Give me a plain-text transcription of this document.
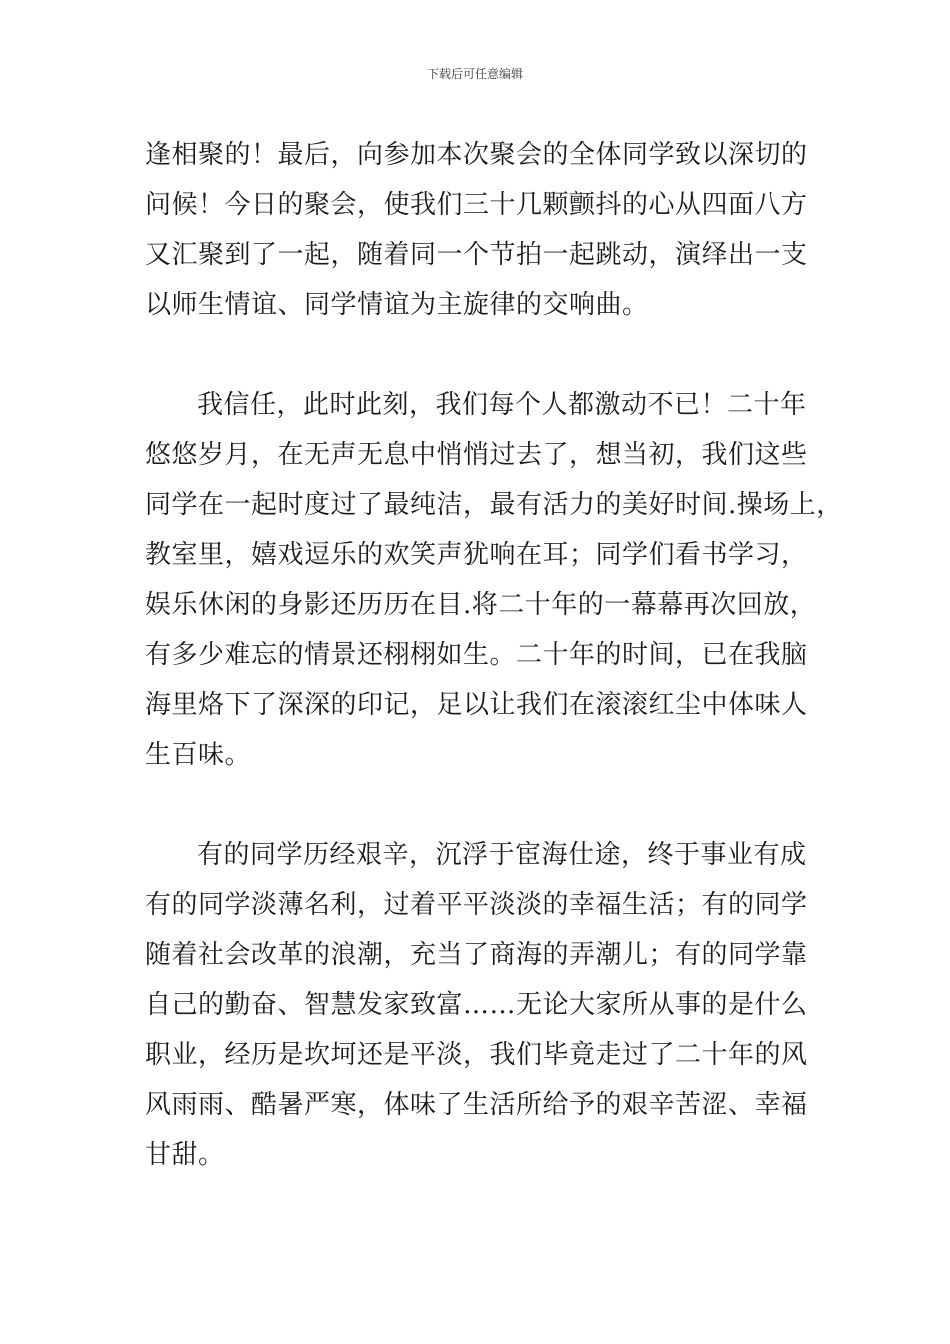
下载后可任意编辑
逢相聚的！最后，向参加本次聚会的全体同学致以深切的
问候！今日的聚会，使我们三十几颗颤抖的心从四面八方
又汇聚到了一起，随着同一个节拍一起跳动，演绎出一支
以师生情谊、同学情谊为主旋律的交响曲。
我信任，此时此刻，我们每个人都激动不已！二十年
悠悠岁月，在无声无息中悄悄过去了，想当初，我们这些
同学在一起时度过了最纯洁，最有活力的美好时间.操场上，
教室里，嬉戏逗乐的欢笑声犹响在耳；同学们看书学习，
娱乐休闲的身影还历历在目.将二十年的一幕幕再次回放，
有多少难忘的情景还栩栩如生。二十年的时间，已在我脑
海里烙下了深深的印记，足以让我们在滚滚红尘中体味人
生百味。
有的同学历经艰辛，沉浮于宦海仕途，终于事业有成
有的同学淡薄名利，过着平平淡淡的幸福生活；有的同学
随着社会改革的浪潮，充当了商海的弄潮儿；有的同学靠
自己的勤奋、智慧发家致富……无论大家所从事的是什么
职业，经历是坎坷还是平淡，我们毕竟走过了二十年的风
风雨雨、酷暑严寒，体味了生活所给予的艰辛苦涩、幸福
甘甜。
